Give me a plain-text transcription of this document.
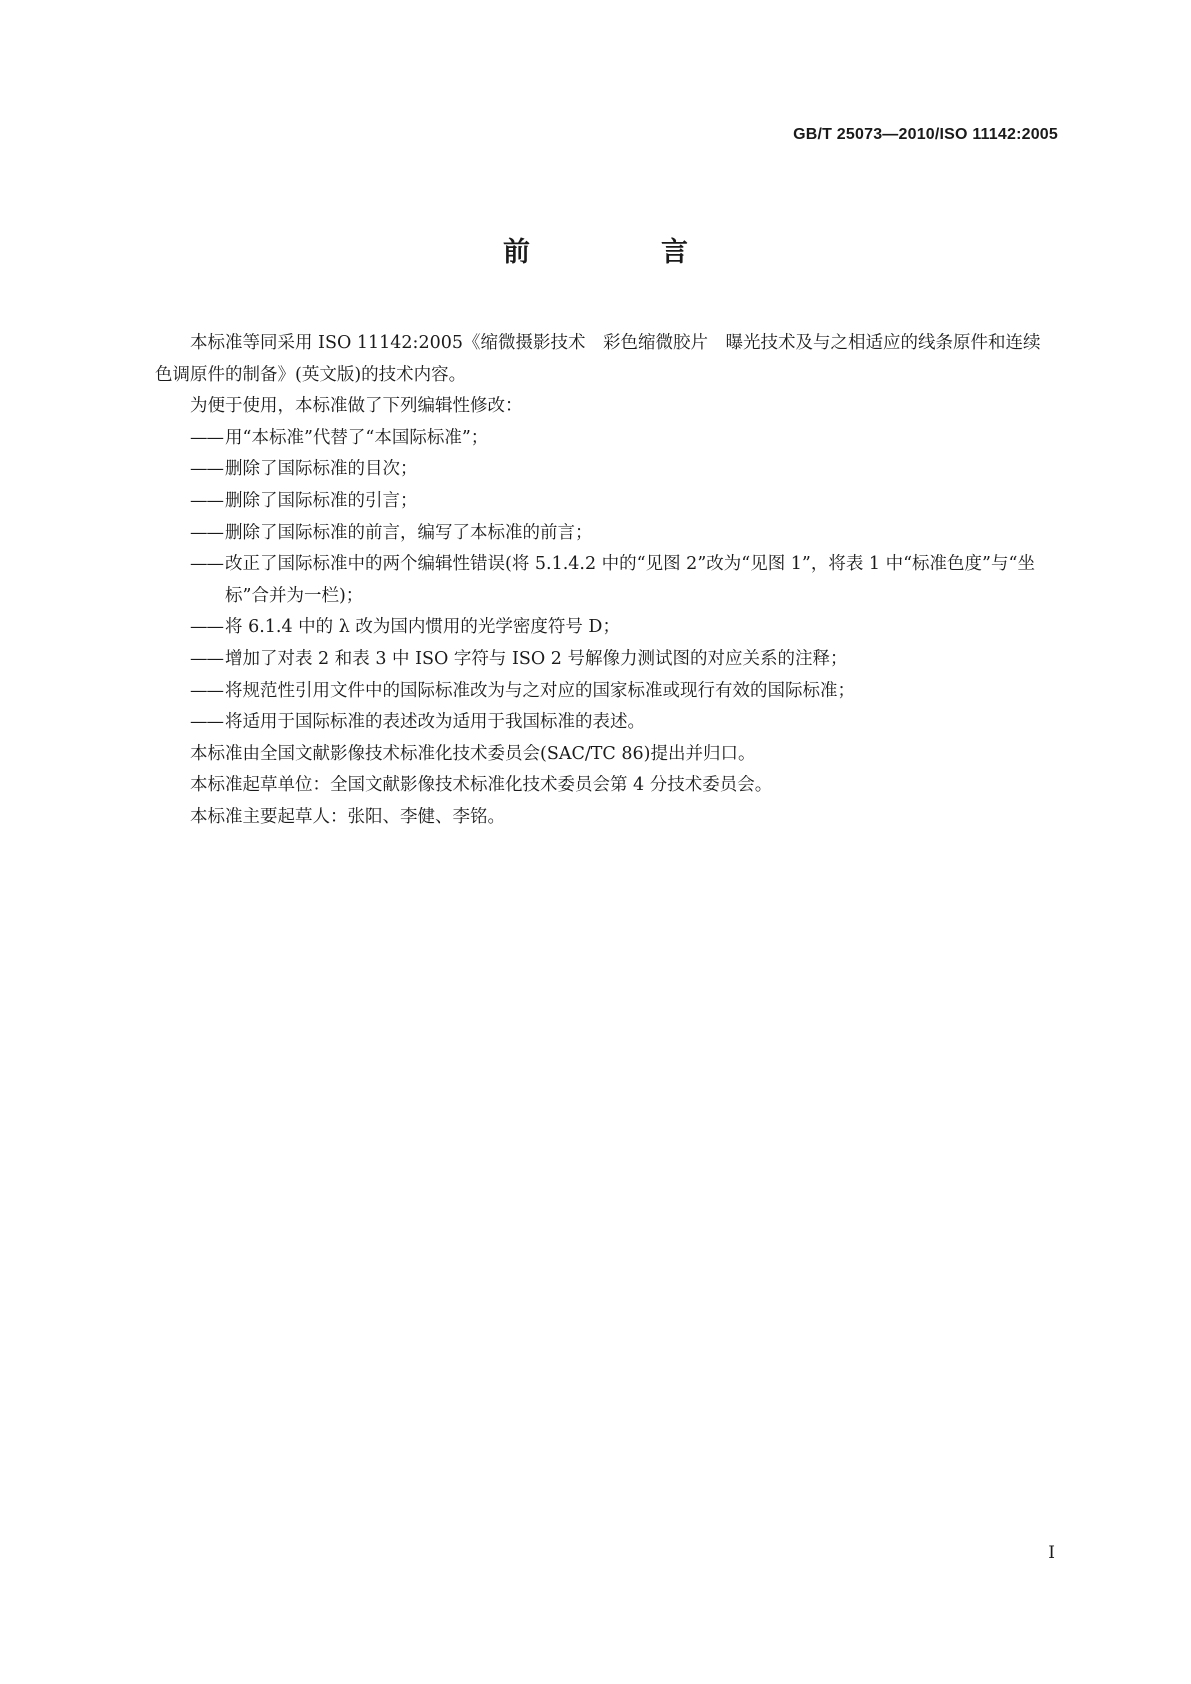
GB/T 25073—2010/ISO 11142:2005
前　言

本标准等同采用 ISO 11142:2005《缩微摄影技术　彩色缩微胶片　曝光技术及与之相适应的线条原件和连续色调原件的制备》(英文版)的技术内容。

为便于使用，本标准做了下列编辑性修改：

—— 用“本标准”代替了“本国际标准”；

—— 删除了国际标准的目次；

—— 删除了国际标准的引言；

—— 删除了国际标准的前言，编写了本标准的前言；

—— 改正了国际标准中的两个编辑性错误(将 5.1.4.2 中的“见图 2”改为“见图 1”，将表 1 中“标准色度”与“坐标”合并为一栏)；

—— 将 6.1.4 中的 λ 改为国内惯用的光学密度符号 D；

—— 增加了对表 2 和表 3 中 ISO 字符与 ISO 2 号解像力测试图的对应关系的注释；

—— 将规范性引用文件中的国际标准改为与之对应的国家标准或现行有效的国际标准；

—— 将适用于国际标准的表述改为适用于我国标准的表述。

本标准由全国文献影像技术标准化技术委员会(SAC/TC 86)提出并归口。

本标准起草单位：全国文献影像技术标准化技术委员会第 4 分技术委员会。

本标准主要起草人：张阳、李健、李铭。

I
